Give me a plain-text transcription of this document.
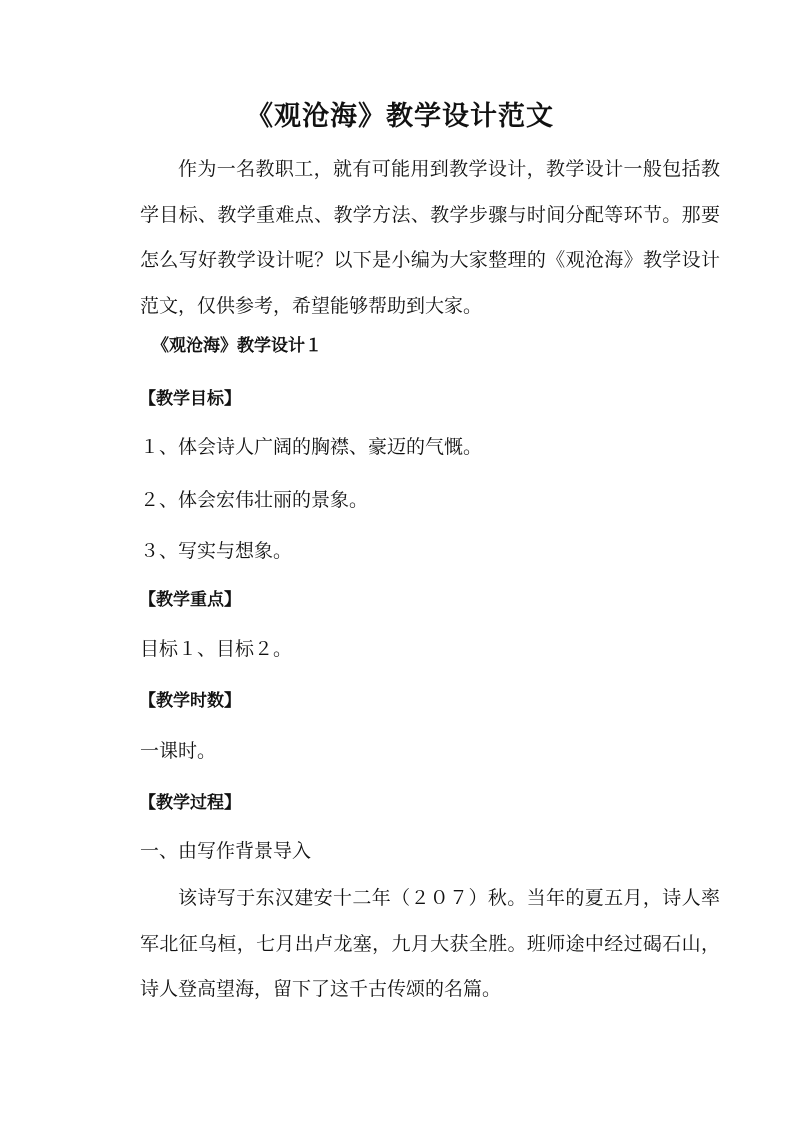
《观沧海》教学设计范文

作为一名教职工，就有可能用到教学设计，教学设计一般包括教学目标、教学重难点、教学方法、教学步骤与时间分配等环节。那要怎么写好教学设计呢？以下是小编为大家整理的《观沧海》教学设计范文，仅供参考，希望能够帮助到大家。

《观沧海》教学设计１
【教学目标】
１、体会诗人广阔的胸襟、豪迈的气慨。
２、体会宏伟壮丽的景象。
３、写实与想象。
【教学重点】
目标１、目标２。
【教学时数】
一课时。
【教学过程】
一、由写作背景导入

该诗写于东汉建安十二年（２０７）秋。当年的夏五月，诗人率军北征乌桓，七月出卢龙塞，九月大获全胜。班师途中经过碣石山，诗人登高望海，留下了这千古传颂的名篇。
